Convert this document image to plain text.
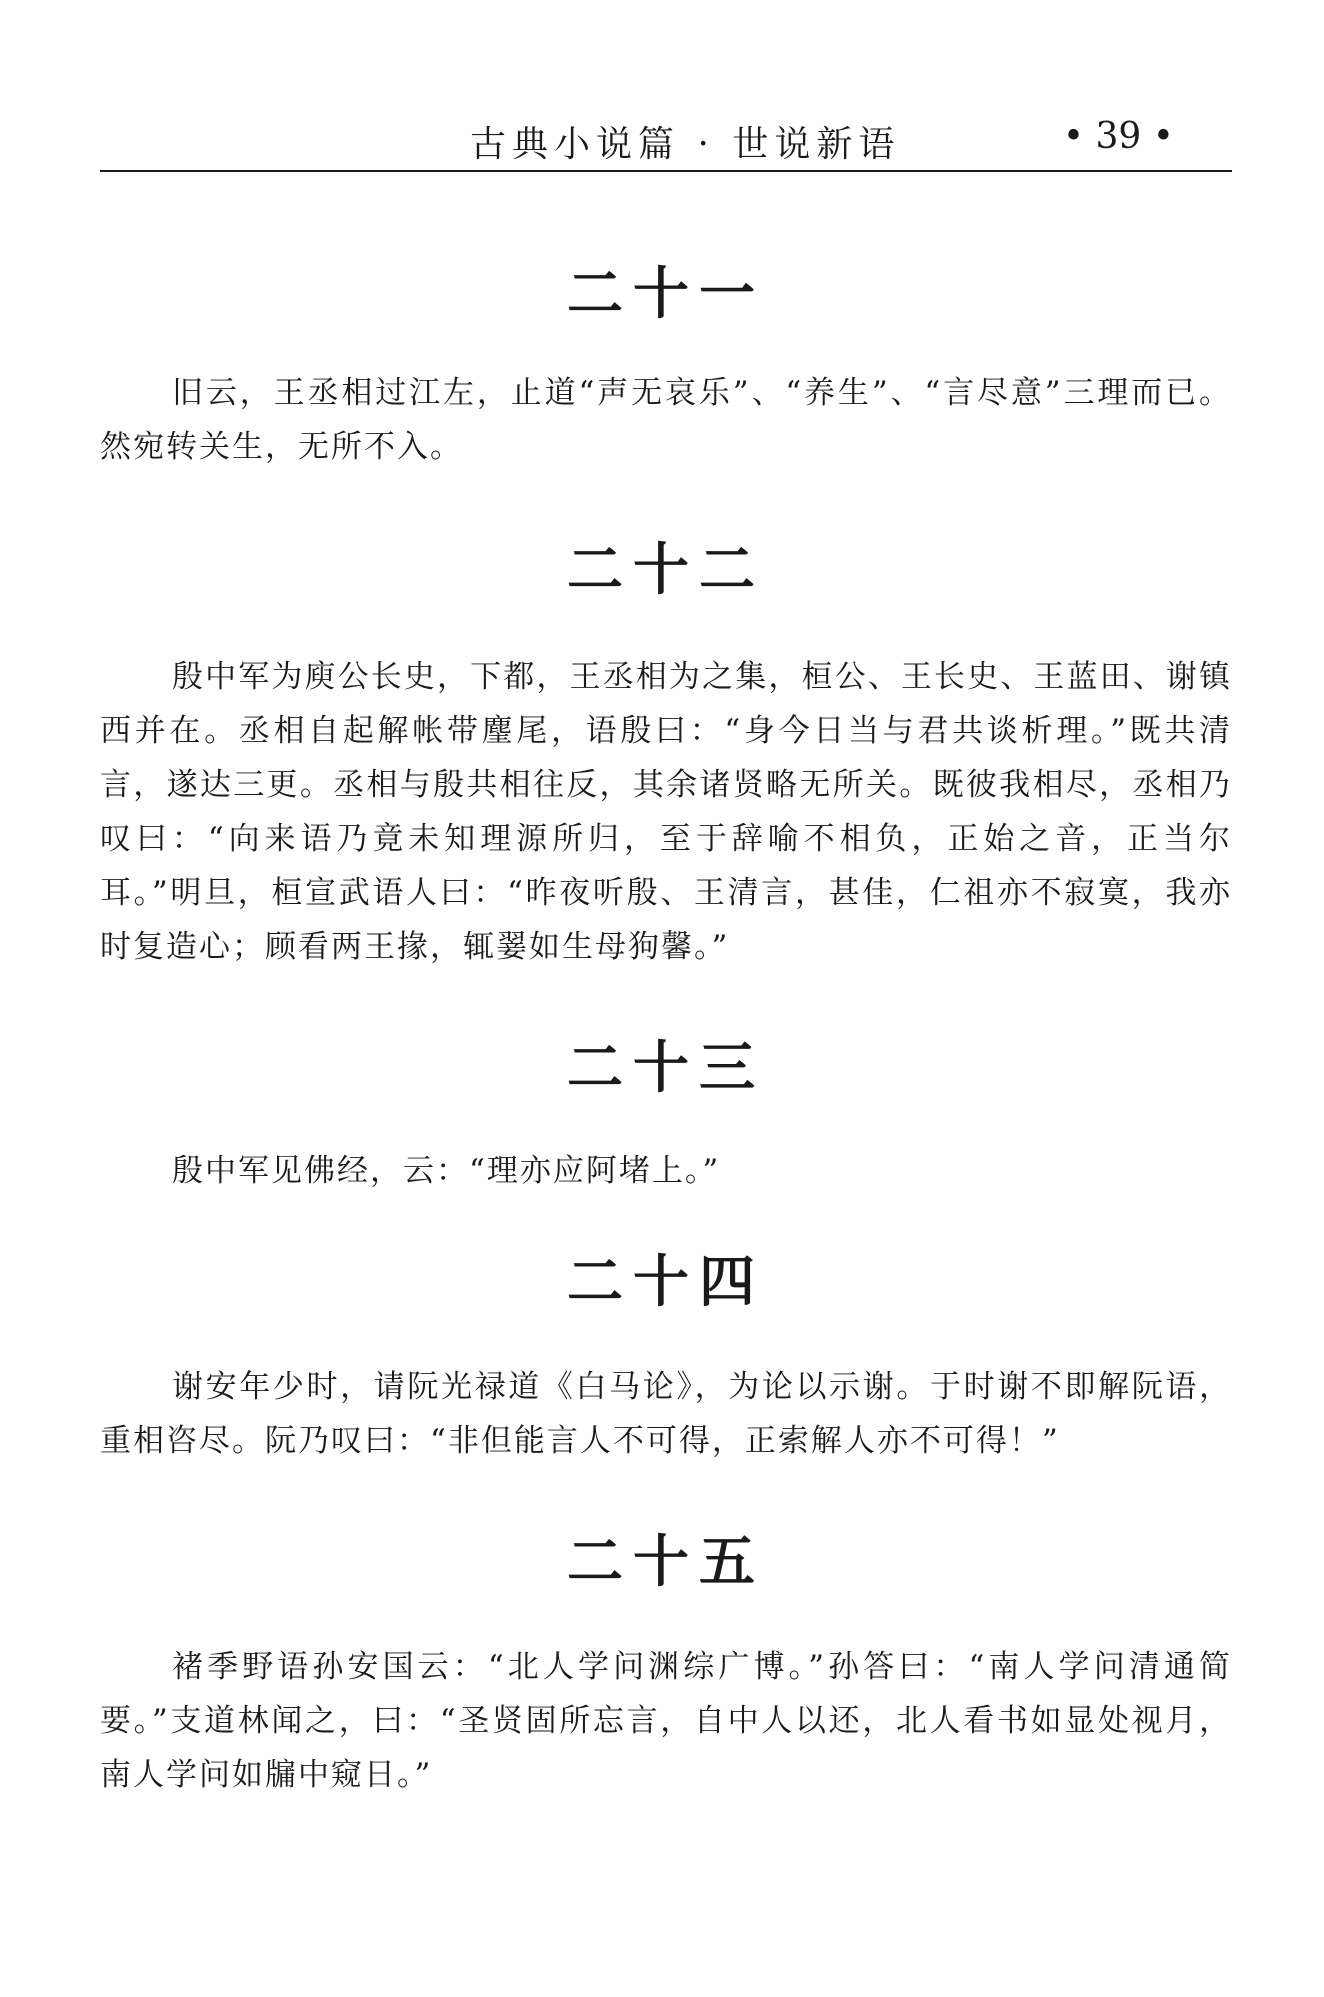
古典小说篇 · 世说新语	• 39 •
二十一

旧云，王丞相过江左，止道“声无哀乐”、“养生”、“言尽意”三理而已。然宛转关生，无所不入。

二十二

殷中军为庾公长史，下都，王丞相为之集，桓公、王长史、王蓝田、谢镇西并在。丞相自起解帐带麈尾，语殷曰：“身今日当与君共谈析理。”既共清言，遂达三更。丞相与殷共相往反，其余诸贤略无所关。既彼我相尽，丞相乃叹曰：“向来语乃竟未知理源所归，至于辞喻不相负，正始之音，正当尔耳。”明旦，桓宣武语人曰：“昨夜听殷、王清言，甚佳，仁祖亦不寂寞，我亦时复造心；顾看两王掾，辄翣如生母狗馨。”

二十三

殷中军见佛经，云：“理亦应阿堵上。”

二十四

谢安年少时，请阮光禄道《白马论》，为论以示谢。于时谢不即解阮语，重相咨尽。阮乃叹曰：“非但能言人不可得，正索解人亦不可得！”

二十五

褚季野语孙安国云：“北人学问渊综广博。”孙答曰：“南人学问清通简要。”支道林闻之，曰：“圣贤固所忘言，自中人以还，北人看书如显处视月，南人学问如牖中窥日。”
